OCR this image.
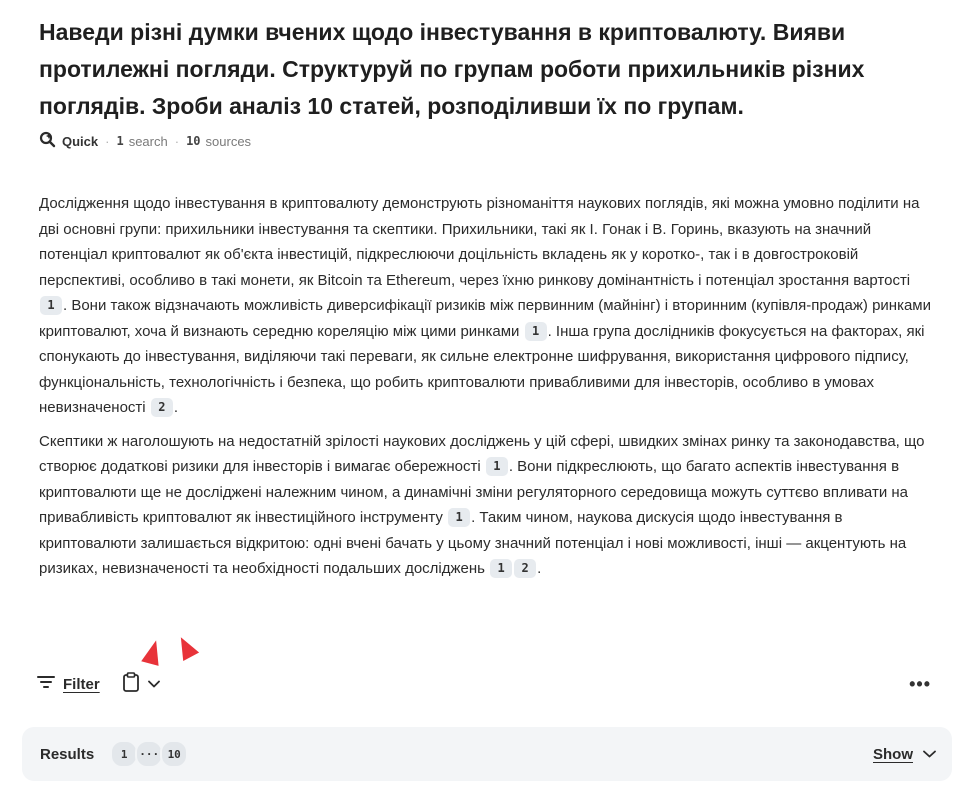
Наведи різні думки вчених щодо інвестування в криптовалюту. Вияви протилежні погляди. Структуруй по групам роботи прихильників різних поглядів. Зроби аналіз 10 статей, розподіливши їх по групам.
Quick · 1 search · 10 sources

Дослідження щодо інвестування в криптовалюту демонструють різноманіття наукових поглядів, які можна умовно поділити на дві основні групи: прихильники інвестування та скептики. Прихильники, такі як І. Гонак і В. Горинь, вказують на значний потенціал криптовалют як об'єкта інвестицій, підкреслюючи доцільність вкладень як у коротко-, так і в довгостроковій перспективі, особливо в такі монети, як Bitcoin та Ethereum, через їхню ринкову домінантність і потенціал зростання вартості 1 . Вони також відзначають можливість диверсифікації ризиків між первинним (майнінг) і вторинним (купівля-продаж) ринками криптовалют, хоча й визнають середню кореляцію між цими ринками 1 . Інша група дослідників фокусується на факторах, які спонукають до інвестування, виділяючи такі переваги, як сильне електронне шифрування, використання цифрового підпису, функціональність, технологічність і безпека, що робить криптовалюти привабливими для інвесторів, особливо в умовах невизначеності 2 .

Скептики ж наголошують на недостатній зрілості наукових досліджень у цій сфері, швидких змінах ринку та законодавства, що створює додаткові ризики для інвесторів і вимагає обережності 1 . Вони підкреслюють, що багато аспектів інвестування в криптовалюти ще не досліджені належним чином, а динамічні зміни регуляторного середовища можуть суттєво впливати на привабливість криптовалют як інвестиційного інструменту 1 . Таким чином, наукова дискусія щодо інвестування в криптовалюти залишається відкритою: одні вчені бачать у цьому значний потенціал і нові можливості, інші — акцентують на ризиках, невизначеності та необхідності подальших досліджень 1 2 .

Filter	•••
Results	1	··· 10	Show
